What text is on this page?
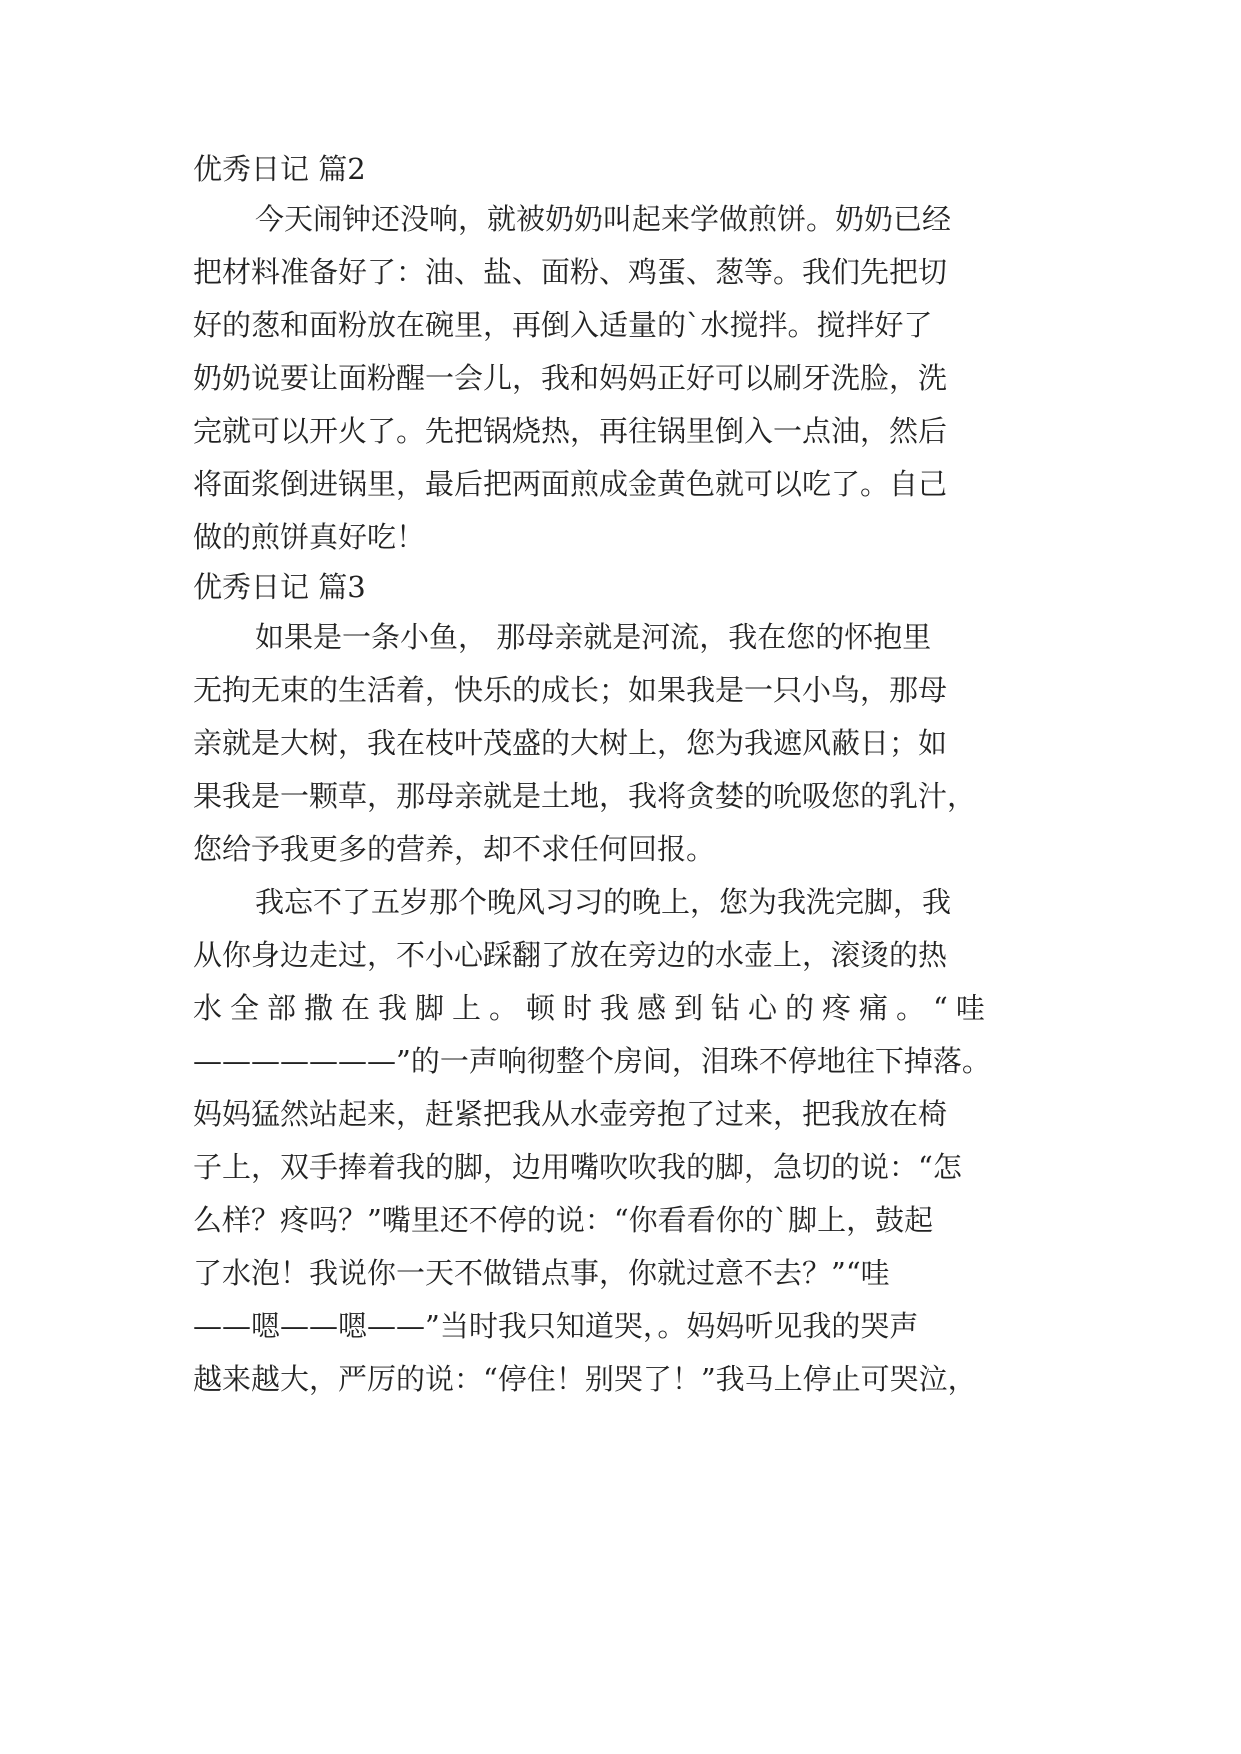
优秀日记 篇2
今天闹钟还没响，就被奶奶叫起来学做煎饼。奶奶已经
把材料准备好了：油、盐、面粉、鸡蛋、葱等。我们先把切
好的葱和面粉放在碗里，再倒入适量的`水搅拌。搅拌好了
奶奶说要让面粉醒一会儿，我和妈妈正好可以刷牙洗脸，洗
完就可以开火了。先把锅烧热，再往锅里倒入一点油，然后
将面浆倒进锅里，最后把两面煎成金黄色就可以吃了。自己
做的煎饼真好吃！
优秀日记 篇3
如果是一条小鱼， 那母亲就是河流，我在您的怀抱里
无拘无束的生活着，快乐的成长；如果我是一只小鸟，那母
亲就是大树，我在枝叶茂盛的大树上，您为我遮风蔽日；如
果我是一颗草，那母亲就是土地，我将贪婪的吮吸您的乳汁，
您给予我更多的营养，却不求任何回报。
我忘不了五岁那个晚风习习的晚上，您为我洗完脚，我
从你身边走过，不小心踩翻了放在旁边的水壶上，滚烫的热
水全部撒在我脚上。顿时我感到钻心的疼痛。“哇
———————”的一声响彻整个房间，泪珠不停地往下掉落。
妈妈猛然站起来，赶紧把我从水壶旁抱了过来，把我放在椅
子上，双手捧着我的脚，边用嘴吹吹我的脚，急切的说：“怎
么样？疼吗？”嘴里还不停的说：“你看看你的`脚上，鼓起
了水泡！我说你一天不做错点事，你就过意不去？”“哇
——嗯——嗯——”当时我只知道哭，。妈妈听见我的哭声
越来越大，严厉的说：“停住！别哭了！”我马上停止可哭泣，
